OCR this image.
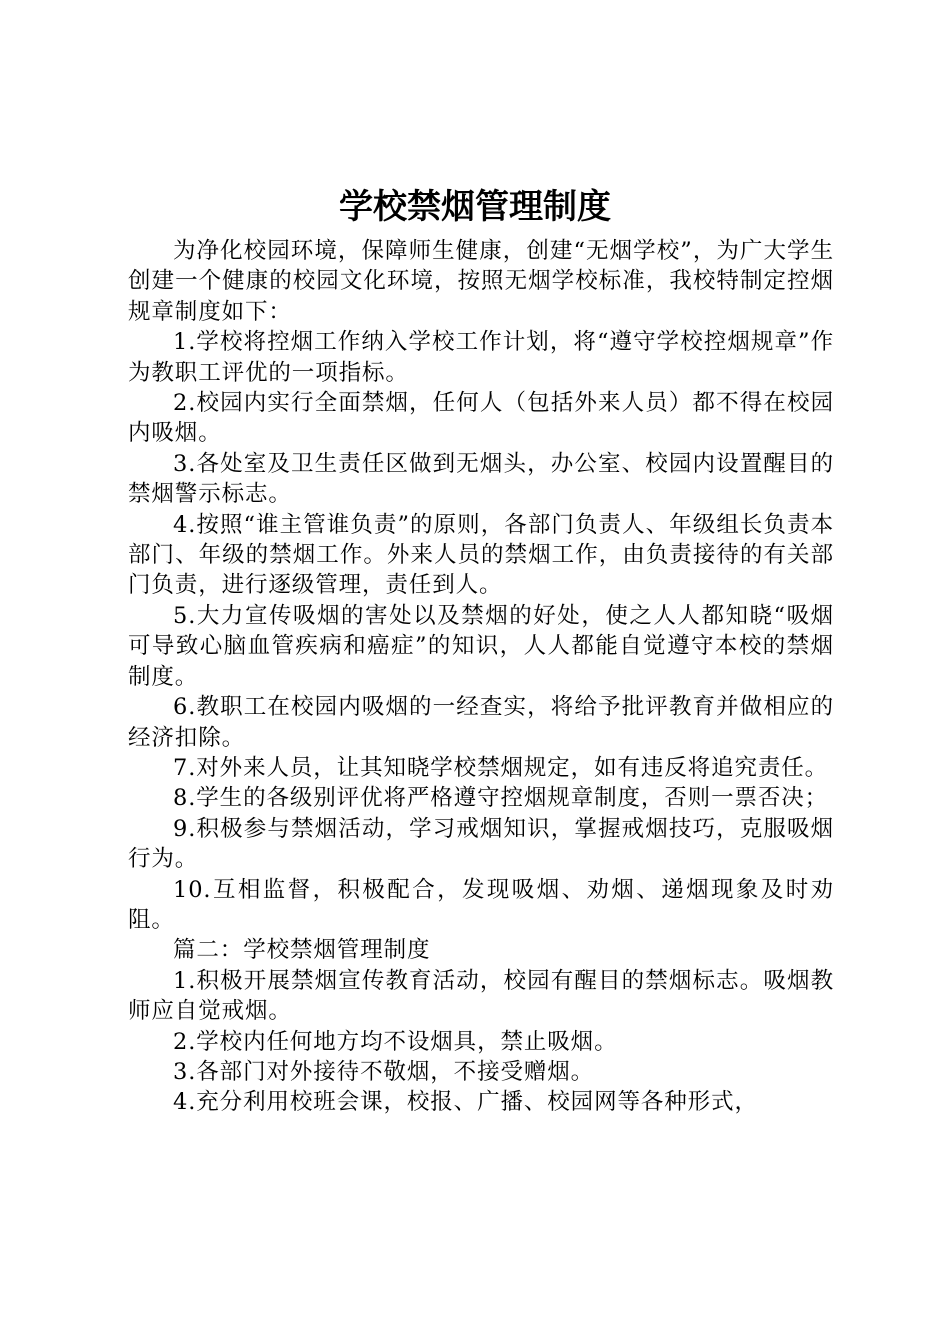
学校禁烟管理制度

为净化校园环境，保障师生健康，创建“无烟学校”，为广大学生创建一个健康的校园文化环境，按照无烟学校标准，我校特制定控烟规章制度如下：

1.学校将控烟工作纳入学校工作计划，将“遵守学校控烟规章”作为教职工评优的一项指标。

2.校园内实行全面禁烟，任何人（包括外来人员）都不得在校园内吸烟。

3.各处室及卫生责任区做到无烟头，办公室、校园内设置醒目的禁烟警示标志。

4.按照“谁主管谁负责”的原则，各部门负责人、年级组长负责本部门、年级的禁烟工作。外来人员的禁烟工作，由负责接待的有关部门负责，进行逐级管理，责任到人。

5.大力宣传吸烟的害处以及禁烟的好处，使之人人都知晓“吸烟可导致心脑血管疾病和癌症”的知识，人人都能自觉遵守本校的禁烟制度。

6.教职工在校园内吸烟的一经查实，将给予批评教育并做相应的经济扣除。

7.对外来人员，让其知晓学校禁烟规定，如有违反将追究责任。

8.学生的各级别评优将严格遵守控烟规章制度，否则一票否决；

9.积极参与禁烟活动，学习戒烟知识，掌握戒烟技巧，克服吸烟行为。

10.互相监督，积极配合，发现吸烟、劝烟、递烟现象及时劝阻。

篇二：学校禁烟管理制度

1.积极开展禁烟宣传教育活动，校园有醒目的禁烟标志。吸烟教师应自觉戒烟。

2.学校内任何地方均不设烟具，禁止吸烟。

3.各部门对外接待不敬烟，不接受赠烟。

4.充分利用校班会课，校报、广播、校园网等各种形式，
